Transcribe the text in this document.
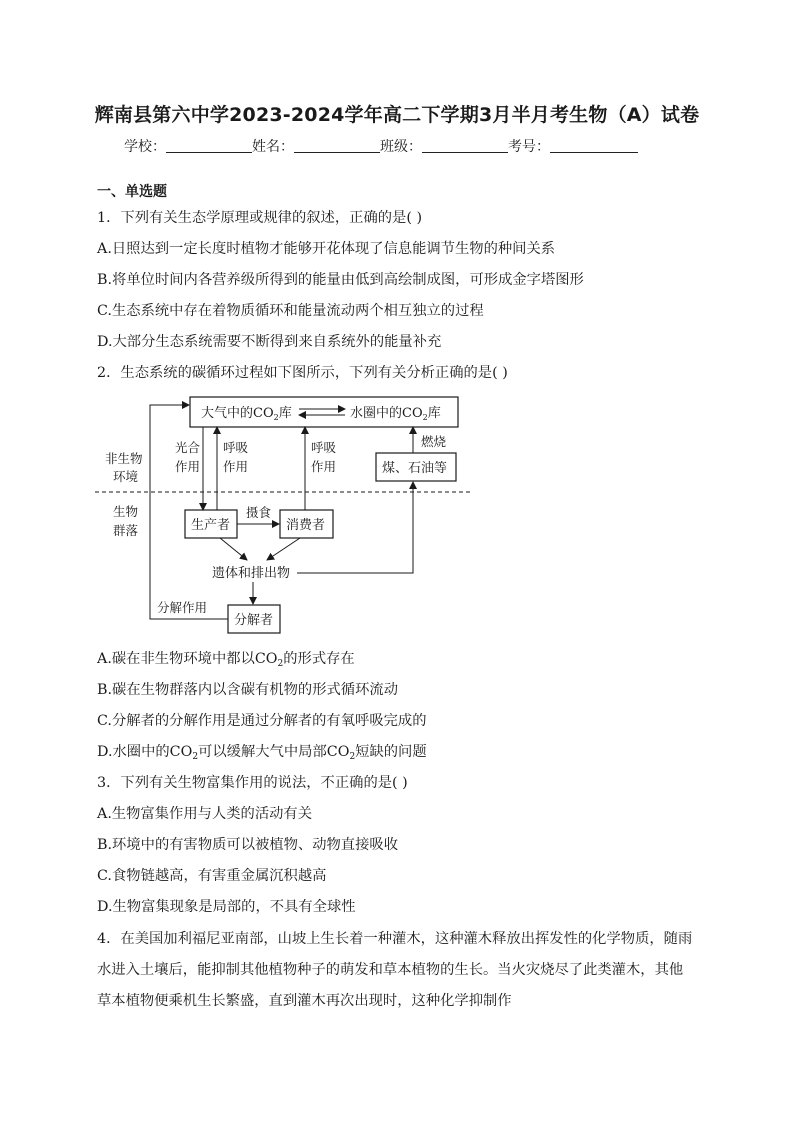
辉南县第六中学2023-2024学年高二下学期3月半月考生物（A）试卷
学校：	姓名：	班级：	考号：
一、单选题
1．下列有关生态学原理或规律的叙述，正确的是( )
A.日照达到一定长度时植物才能够开花体现了信息能调节生物的种间关系
B.将单位时间内各营养级所得到的能量由低到高绘制成图，可形成金字塔图形
C.生态系统中存在着物质循环和能量流动两个相互独立的过程
D.大部分生态系统需要不断得到来自系统外的能量补充
2．生态系统的碳循环过程如下图所示，下列有关分析正确的是( )
大气中的$CO_2$库	水圈中的$CO_2$库
非生物
环境
生物
群落
光合
作用
呼吸
作用
呼吸
作用	煤、石油等
燃烧
生产者
摄食
消费者
遗体和排出物
分解者
分解作用
A.碳在非生物环境中都以$CO_2$的形式存在
B.碳在生物群落内以含碳有机物的形式循环流动
C.分解者的分解作用是通过分解者的有氧呼吸完成的
D.水圈中的$CO_2$可以缓解大气中局部$CO_2$短缺的问题
3．下列有关生物富集作用的说法，不正确的是( )
A.生物富集作用与人类的活动有关
B.环境中的有害物质可以被植物、动物直接吸收
C.食物链越高，有害重金属沉积越高
D.生物富集现象是局部的，不具有全球性
4．在美国加利福尼亚南部，山坡上生长着一种灌木，这种灌木释放出挥发性的化学物质，随雨水进入土壤后，能抑制其他植物种子的萌发和草本植物的生长。当火灾烧尽了此类灌木，其他草本植物便乘机生长繁盛，直到灌木再次出现时，这种化学抑制作
